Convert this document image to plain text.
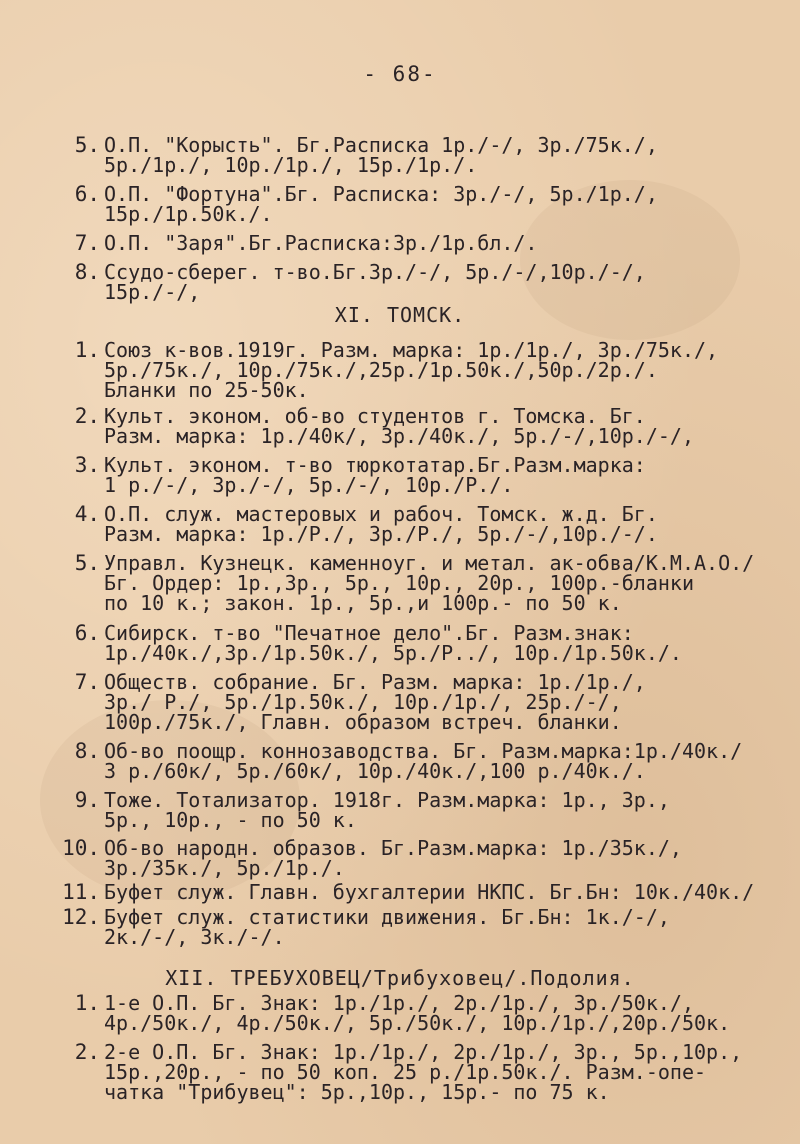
- 68-
5. О.П. "Корысть". Бг.Расписка 1р./-/, 3р./75к./,
5р./1р./, 10р./1р./, 15р./1р./.
6. О.П. "Фортуна".Бг. Расписка: 3р./-/, 5р./1р./,
15р./1р.50к./.
7. О.П. "Заря".Бг.Расписка:3р./1р.бл./.
8. Ссудо-сберег. т-во.Бг.3р./-/, 5р./-/,10р./-/,
15р./-/,
XI. ТОМСК.
1. Союз к-вов.1919г. Разм. марка: 1р./1р./, 3р./75к./,
5р./75к./, 10р./75к./,25р./1р.50к./,50р./2р./.
Бланки по 25-50к.
2. Культ. эконом. об-во студентов г. Томска. Бг.
Разм. марка: 1р./40к/, 3р./40к./, 5р./-/,10р./-/,
3. Культ. эконом. т-во тюркотатар.Бг.Разм.марка:
1 р./-/, 3р./-/, 5р./-/, 10р./Р./.
4. О.П. служ. мастеровых и рабоч. Томск. ж.д. Бг.
Разм. марка: 1р./Р./, 3р./Р./, 5р./-/,10р./-/.
5. Управл. Кузнецк. каменноуг. и метал. ак-обва/К.М.А.О./
Бг. Ордер: 1р.,3р., 5р., 10р., 20р., 100р.-бланки
по 10 к.; закон. 1р., 5р.,и 100р.- по 50 к.
6. Сибирск. т-во "Печатное дело".Бг. Разм.знак:
1р./40к./,3р./1р.50к./, 5р./Р../, 10р./1р.50к./.
7. Обществ. собрание. Бг. Разм. марка: 1р./1р./,
3р./ Р./, 5р./1р.50к./, 10р./1р./, 25р./-/,
100р./75к./, Главн. образом встреч. бланки.
8. Об-во поощр. коннозаводства. Бг. Разм.марка:1р./40к./
3 р./60к/, 5р./60к/, 10р./40к./,100 р./40к./.
9. Тоже. Тотализатор. 1918г. Разм.марка: 1р., 3р.,
5р., 10р., - по 50 к.
10. Об-во народн. образов. Бг.Разм.марка: 1р./35к./,
3р./35к./, 5р./1р./.
11. Буфет служ. Главн. бухгалтерии НКПС. Бг.Бн: 10к./40к./
12. Буфет служ. статистики движения. Бг.Бн: 1к./-/,
2к./-/, 3к./-/.
XII. ТРЕБУХОВЕЦ/Трибуховец/.Подолия.
1. 1-е О.П. Бг. Знак: 1р./1р./, 2р./1р./, 3р./50к./,
4р./50к./, 4р./50к./, 5р./50к./, 10р./1р./,20р./50к.
2. 2-е О.П. Бг. Знак: 1р./1р./, 2р./1р./, 3р., 5р.,10р.,
15р.,20р., - по 50 коп. 25 р./1р.50к./. Разм.-опе-
чатка "Трибувец": 5р.,10р., 15р.- по 75 к.
